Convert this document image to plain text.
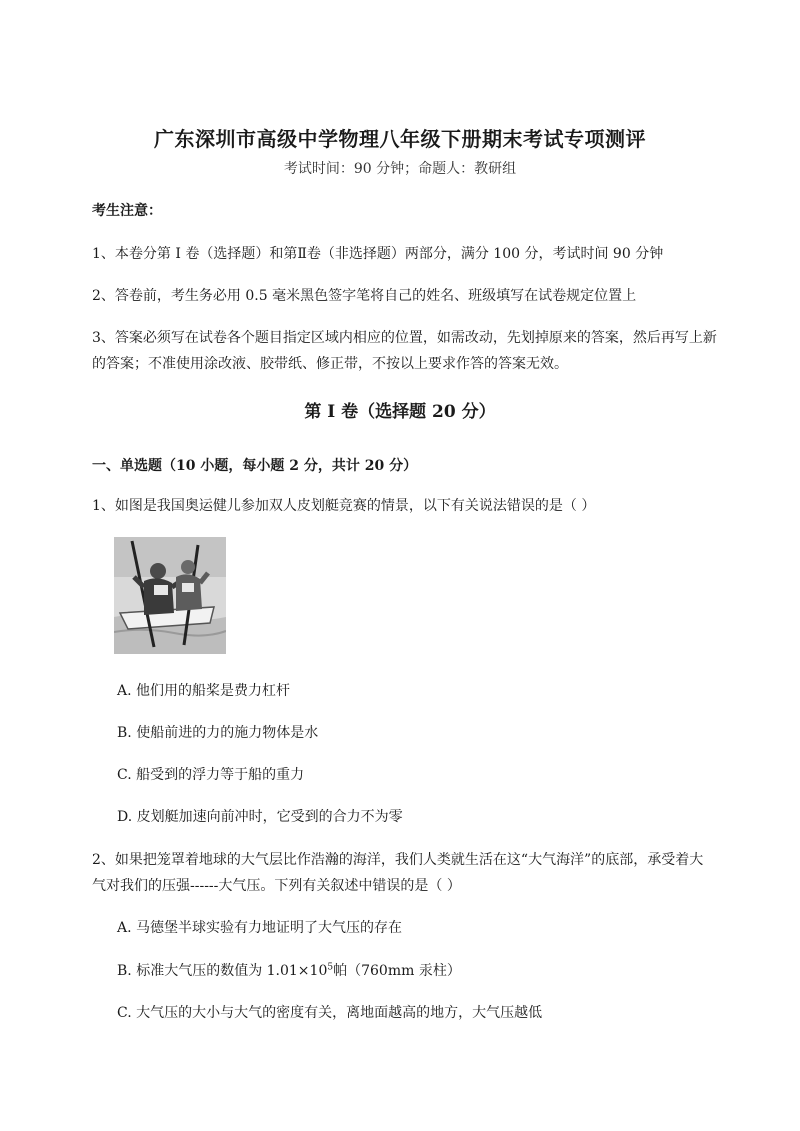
广东深圳市高级中学物理八年级下册期末考试专项测评
考试时间：90 分钟；命题人：教研组
考生注意：
1、本卷分第 I 卷（选择题）和第Ⅱ卷（非选择题）两部分，满分 100 分，考试时间 90 分钟
2、答卷前，考生务必用 0.5 毫米黑色签字笔将自己的姓名、班级填写在试卷规定位置上
3、答案必须写在试卷各个题目指定区域内相应的位置，如需改动，先划掉原来的答案，然后再写上新
的答案；不准使用涂改液、胶带纸、修正带，不按以上要求作答的答案无效。
第 I 卷（选择题 20 分）
一、单选题（10 小题，每小题 2 分，共计 20 分）
1、如图是我国奥运健儿参加双人皮划艇竞赛的情景，以下有关说法错误的是（ ）
A. 他们用的船桨是费力杠杆
B. 使船前进的力的施力物体是水
C. 船受到的浮力等于船的重力
D. 皮划艇加速向前冲时，它受到的合力不为零
2、如果把笼罩着地球的大气层比作浩瀚的海洋，我们人类就生活在这“大气海洋”的底部，承受着大
气对我们的压强------大气压。下列有关叙述中错误的是（ ）
A. 马德堡半球实验有力地证明了大气压的存在
B. 标准大气压的数值为 $1.01\times 10^5$帕（760mm 汞柱）
C. 大气压的大小与大气的密度有关，离地面越高的地方，大气压越低
